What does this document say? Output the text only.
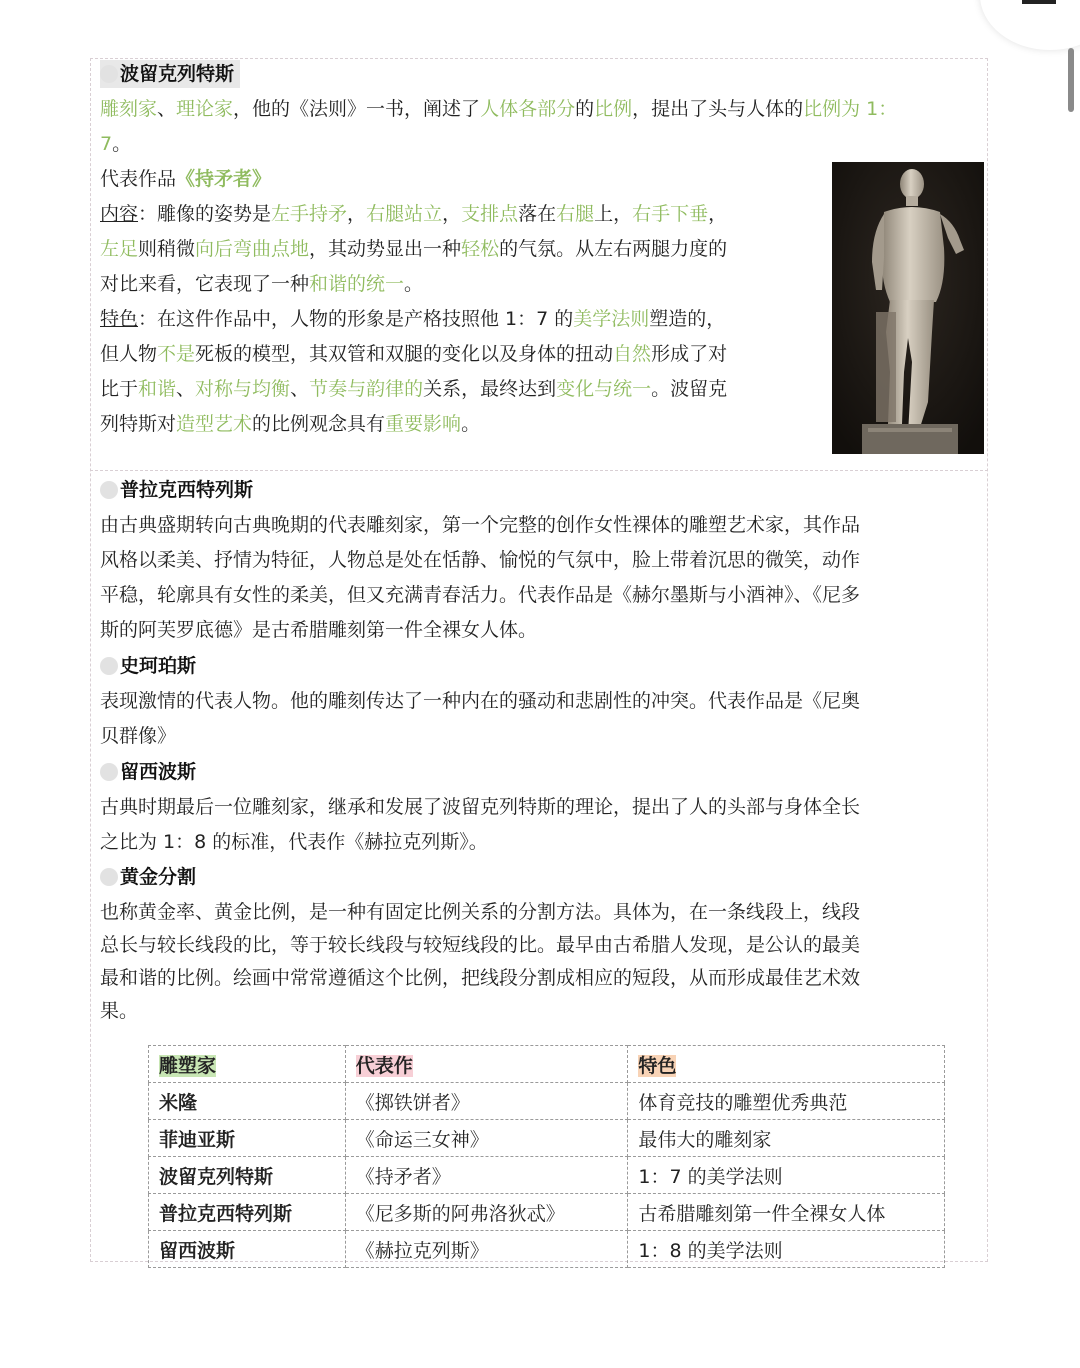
波留克列特斯
雕刻家、理论家，他的《法则》一书，阐述了人体各部分的比例，提出了头与人体的比例为 1：
7。
代表作品《持矛者》
内容：雕像的姿势是左手持矛，右腿站立，支排点落在右腿上，右手下垂，
左足则稍微向后弯曲点地，其动势显出一种轻松的气氛。从左右两腿力度的
对比来看，它表现了一种和谐的统一。
特色：在这件作品中，人物的形象是产格技照他 1：7 的美学法则塑造的，
但人物不是死板的模型，其双管和双腿的变化以及身体的扭动自然形成了对
比于和谐、对称与均衡、节奏与韵律的关系，最终达到变化与统一。波留克
列特斯对造型艺术的比例观念具有重要影响。
普拉克西特列斯
由古典盛期转向古典晚期的代表雕刻家，第一个完整的创作女性裸体的雕塑艺术家，其作品
风格以柔美、抒情为特征，人物总是处在恬静、愉悦的气氛中，脸上带着沉思的微笑，动作
平稳，轮廓具有女性的柔美，但又充满青春活力。代表作品是《赫尔墨斯与小酒神》、《尼多
斯的阿芙罗底德》是古希腊雕刻第一件全裸女人体。
史珂珀斯
表现激情的代表人物。他的雕刻传达了一种内在的骚动和悲剧性的冲突。代表作品是《尼奥
贝群像》
留西波斯
古典时期最后一位雕刻家，继承和发展了波留克列特斯的理论，提出了人的头部与身体全长
之比为 1：8 的标准，代表作《赫拉克列斯》。
黄金分割
也称黄金率、黄金比例，是一种有固定比例关系的分割方法。具体为，在一条线段上，线段
总长与较长线段的比，等于较长线段与较短线段的比。最早由古希腊人发现，是公认的最美
最和谐的比例。绘画中常常遵循这个比例，把线段分割成相应的短段，从而形成最佳艺术效
果。
雕塑家	代表作	特色
米隆	《掷铁饼者》	体育竞技的雕塑优秀典范
菲迪亚斯	《命运三女神》	最伟大的雕刻家
波留克列特斯	《持矛者》	1：7 的美学法则
普拉克西特列斯	《尼多斯的阿弗洛狄忒》	古希腊雕刻第一件全裸女人体
留西波斯	《赫拉克列斯》	1：8 的美学法则
